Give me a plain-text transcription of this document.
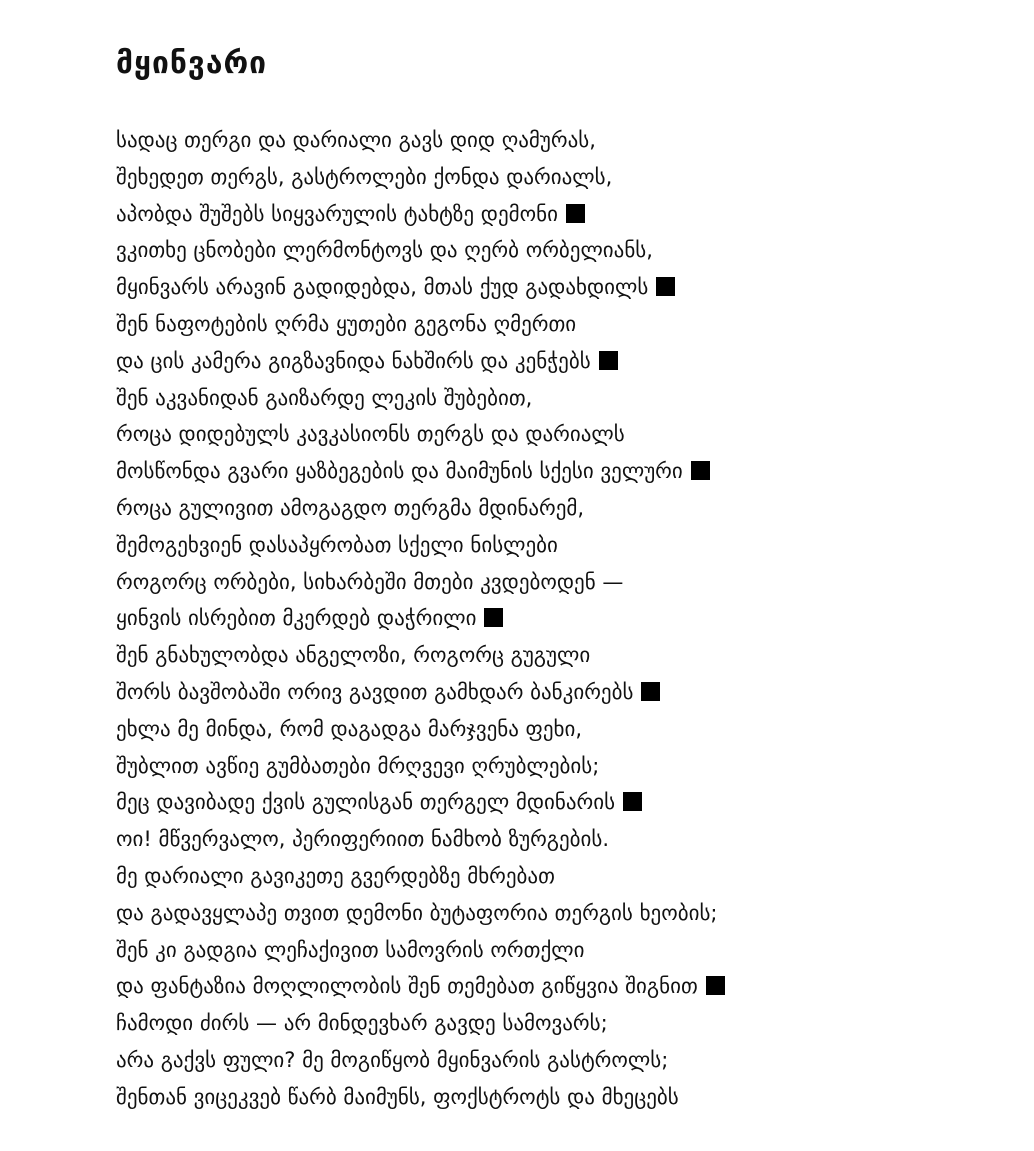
მყინვარი
სადაც თერგი და დარიალი გავს დიდ ღამურას,
შეხედეთ თერგს, გასტროლები ქონდა დარიალს,
აპობდა შუშებს სიყვარულის ტახტზე დემონი
ვკითხე ცნობები ლერმონტოვს და ღერბ ორბელიანს,
მყინვარს არავინ გადიდებდა, მთას ქუდ გადახდილს
შენ ნაფოტების ღრმა ყუთები გეგონა ღმერთი
და ცის კამერა გიგზავნიდა ნახშირს და კენჭებს
შენ აკვანიდან გაიზარდე ლეკის შუბებით,
როცა დიდებულს კავკასიონს თერგს და დარიალს
მოსწონდა გვარი ყაზბეგების და მაიმუნის სქესი ველური
როცა გულივით ამოგაგდო თერგმა მდინარემ,
შემოგეხვიენ დასაპყრობათ სქელი ნისლები
როგორც ორბები, სიხარბეში მთები კვდებოდენ —
ყინვის ისრებით მკერდებ დაჭრილი
შენ გნახულობდა ანგელოზი, როგორც გუგული
შორს ბავშობაში ორივ გავდით გამხდარ ბანკირებს
ეხლა მე მინდა, რომ დაგადგა მარჯვენა ფეხი,
შუბლით ავწიე გუმბათები მრღვევი ღრუბლების;
მეც დავიბადე ქვის გულისგან თერგელ მდინარის
ოი! მწვერვალო, პერიფერიით ნამხობ ზურგების.
მე დარიალი გავიკეთე გვერდებზე მხრებათ
და გადავყლაპე თვით დემონი ბუტაფორია თერგის ხეობის;
შენ კი გადგია ლეჩაქივით სამოვრის ორთქლი
და ფანტაზია მოღლილობის შენ თემებათ გიწყვია შიგნით
ჩამოდი ძირს — არ მინდევხარ გავდე სამოვარს;
არა გაქვს ფული? მე მოგიწყობ მყინვარის გასტროლს;
შენთან ვიცეკვებ წარბ მაიმუნს, ფოქსტროტს და მხეცებს
